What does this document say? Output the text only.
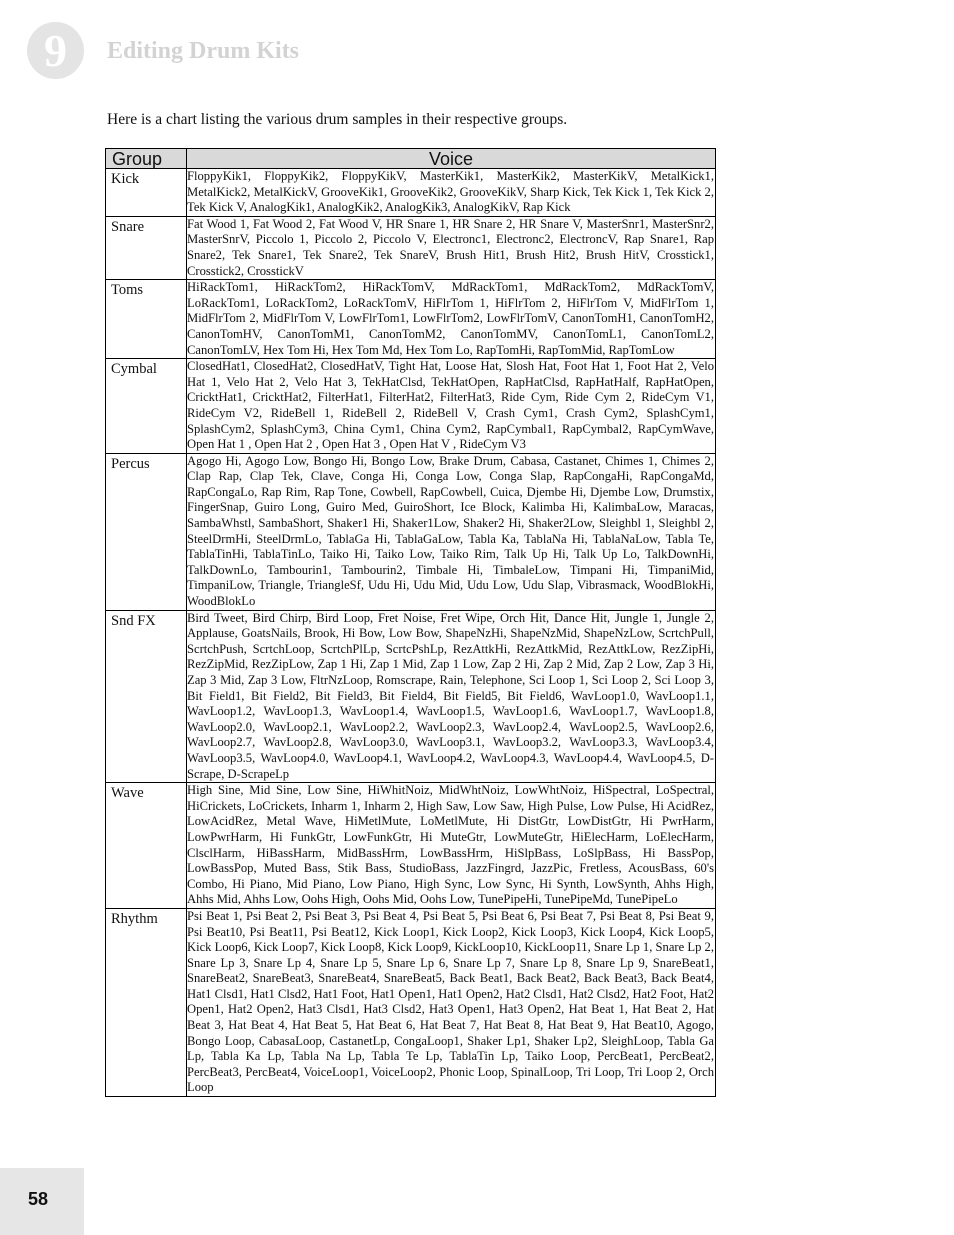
9 Editing Drum Kits

Here is a chart listing the various drum samples in their respective groups.

Group	Voice
Kick	FloppyKik1, FloppyKik2, FloppyKikV, MasterKik1, MasterKik2, MasterKikV, MetalKick1, MetalKick2, MetalKickV, GrooveKik1, GrooveKik2, GrooveKikV, Sharp Kick, Tek Kick 1, Tek Kick 2, Tek Kick V, AnalogKik1, AnalogKik2, AnalogKik3, AnalogKikV, Rap Kick
Snare	Fat Wood 1, Fat Wood 2, Fat Wood V, HR Snare 1, HR Snare 2, HR Snare V, MasterSnr1, MasterSnr2, MasterSnrV, Piccolo 1, Piccolo 2, Piccolo V, Electronc1, Electronc2, ElectroncV, Rap Snare1, Rap Snare2, Tek Snare1, Tek Snare2, Tek SnareV, Brush Hit1, Brush Hit2, Brush HitV, Crosstick1, Crosstick2, CrosstickV
Toms	HiRackTom1, HiRackTom2, HiRackTomV, MdRackTom1, MdRackTom2, MdRackTomV, LoRackTom1, LoRackTom2, LoRackTomV, HiFlrTom 1, HiFlrTom 2, HiFlrTom V, MidFlrTom 1, MidFlrTom 2, MidFlrTom V, LowFlrTom1, LowFlrTom2, LowFlrTomV, CanonTomH1, CanonTomH2, CanonTomHV, CanonTomM1, CanonTomM2, CanonTomMV, CanonTomL1, CanonTomL2, CanonTomLV, Hex Tom Hi, Hex Tom Md, Hex Tom Lo, RapTomHi, RapTomMid, RapTomLow
Cymbal	ClosedHat1, ClosedHat2, ClosedHatV, Tight Hat, Loose Hat, Slosh Hat, Foot Hat 1, Foot Hat 2, Velo Hat 1, Velo Hat 2, Velo Hat 3, TekHatClsd, TekHatOpen, RapHatClsd, RapHatHalf, RapHatOpen, CricktHat1, CricktHat2, FilterHat1, FilterHat2, FilterHat3, Ride Cym, Ride Cym 2, RideCym V1, RideCym V2, RideBell 1, RideBell 2, RideBell V, Crash Cym1, Crash Cym2, SplashCym1, SplashCym2, SplashCym3, China Cym1, China Cym2, RapCymbal1, RapCymbal2, RapCymWave, Open Hat 1 , Open Hat 2 , Open Hat 3 , Open Hat V , RideCym V3
Percus	Agogo Hi, Agogo Low, Bongo Hi, Bongo Low, Brake Drum, Cabasa, Castanet, Chimes 1, Chimes 2, Clap Rap, Clap Tek, Clave, Conga Hi, Conga Low, Conga Slap, RapCongaHi, RapCongaMd, RapCongaLo, Rap Rim, Rap Tone, Cowbell, RapCowbell, Cuica, Djembe Hi, Djembe Low, Drumstix, FingerSnap, Guiro Long, Guiro Med, GuiroShort, Ice Block, Kalimba Hi, KalimbaLow, Maracas, SambaWhstl, SambaShort, Shaker1 Hi, Shaker1Low, Shaker2 Hi, Shaker2Low, Sleighbl 1, Sleighbl 2, SteelDrmHi, SteelDrmLo, TablaGa Hi, TablaGaLow, Tabla Ka, TablaNa Hi, TablaNaLow, Tabla Te, TablaTinHi, TablaTinLo, Taiko Hi, Taiko Low, Taiko Rim, Talk Up Hi, Talk Up Lo, TalkDownHi, TalkDownLo, Tambourin1, Tambourin2, Timbale Hi, TimbaleLow, Timpani Hi, TimpaniMid, TimpaniLow, Triangle, TriangleSf, Udu Hi, Udu Mid, Udu Low, Udu Slap, Vibrasmack, WoodBlokHi, WoodBlokLo
Snd FX	Bird Tweet, Bird Chirp, Bird Loop, Fret Noise, Fret Wipe, Orch Hit, Dance Hit, Jungle 1, Jungle 2, Applause, GoatsNails, Brook, Hi Bow, Low Bow, ShapeNzHi, ShapeNzMid, ShapeNzLow, ScrtchPull, ScrtchPush, ScrtchLoop, ScrtchPlLp, ScrtcPshLp, RezAttkHi, RezAttkMid, RezAttkLow, RezZipHi, RezZipMid, RezZipLow, Zap 1 Hi, Zap 1 Mid, Zap 1 Low, Zap 2 Hi, Zap 2 Mid, Zap 2 Low, Zap 3 Hi, Zap 3 Mid, Zap 3 Low, FltrNzLoop, Romscrape, Rain, Telephone, Sci Loop 1, Sci Loop 2, Sci Loop 3, Bit Field1, Bit Field2, Bit Field3, Bit Field4, Bit Field5, Bit Field6, WavLoop1.0, WavLoop1.1, WavLoop1.2, WavLoop1.3, WavLoop1.4, WavLoop1.5, WavLoop1.6, WavLoop1.7, WavLoop1.8, WavLoop2.0, WavLoop2.1, WavLoop2.2, WavLoop2.3, WavLoop2.4, WavLoop2.5, WavLoop2.6, WavLoop2.7, WavLoop2.8, WavLoop3.0, WavLoop3.1, WavLoop3.2, WavLoop3.3, WavLoop3.4, WavLoop3.5, WavLoop4.0, WavLoop4.1, WavLoop4.2, WavLoop4.3, WavLoop4.4, WavLoop4.5, D-Scrape, D-ScrapeLp
Wave	High Sine, Mid Sine, Low Sine, HiWhitNoiz, MidWhtNoiz, LowWhtNoiz, HiSpectral, LoSpectral, HiCrickets, LoCrickets, Inharm 1, Inharm 2, High Saw, Low Saw, High Pulse, Low Pulse, Hi AcidRez, LowAcidRez, Metal Wave, HiMetlMute, LoMetlMute, Hi DistGtr, LowDistGtr, Hi PwrHarm, LowPwrHarm, Hi FunkGtr, LowFunkGtr, Hi MuteGtr, LowMuteGtr, HiElecHarm, LoElecHarm, ClsclHarm, HiBassHarm, MidBassHrm, LowBassHrm, HiSlpBass, LoSlpBass, Hi BassPop, LowBassPop, Muted Bass, Stik Bass, StudioBass, JazzFingrd, JazzPic, Fretless, AcousBass, 60's Combo, Hi Piano, Mid Piano, Low Piano, High Sync, Low Sync, Hi Synth, LowSynth, Ahhs High, Ahhs Mid, Ahhs Low, Oohs High, Oohs Mid, Oohs Low, TunePipeHi, TunePipeMd, TunePipeLo
Rhythm	Psi Beat 1, Psi Beat 2, Psi Beat 3, Psi Beat 4, Psi Beat 5, Psi Beat 6, Psi Beat 7, Psi Beat 8, Psi Beat 9, Psi Beat10, Psi Beat11, Psi Beat12, Kick Loop1, Kick Loop2, Kick Loop3, Kick Loop4, Kick Loop5, Kick Loop6, Kick Loop7, Kick Loop8, Kick Loop9, KickLoop10, KickLoop11, Snare Lp 1, Snare Lp 2, Snare Lp 3, Snare Lp 4, Snare Lp 5, Snare Lp 6, Snare Lp 7, Snare Lp 8, Snare Lp 9, SnareBeat1, SnareBeat2, SnareBeat3, SnareBeat4, SnareBeat5, Back Beat1, Back Beat2, Back Beat3, Back Beat4, Hat1 Clsd1, Hat1 Clsd2, Hat1 Foot, Hat1 Open1, Hat1 Open2, Hat2 Clsd1, Hat2 Clsd2, Hat2 Foot, Hat2 Open1, Hat2 Open2, Hat3 Clsd1, Hat3 Clsd2, Hat3 Open1, Hat3 Open2, Hat Beat 1, Hat Beat 2, Hat Beat 3, Hat Beat 4, Hat Beat 5, Hat Beat 6, Hat Beat 7, Hat Beat 8, Hat Beat 9, Hat Beat10, Agogo, Bongo Loop, CabasaLoop, CastanetLp, CongaLoop1, Shaker Lp1, Shaker Lp2, SleighLoop, Tabla Ga Lp, Tabla Ka Lp, Tabla Na Lp, Tabla Te Lp, TablaTin Lp, Taiko Loop, PercBeat1, PercBeat2, PercBeat3, PercBeat4, VoiceLoop1, VoiceLoop2, Phonic Loop, SpinalLoop, Tri Loop, Tri Loop 2, Orch Loop

58
